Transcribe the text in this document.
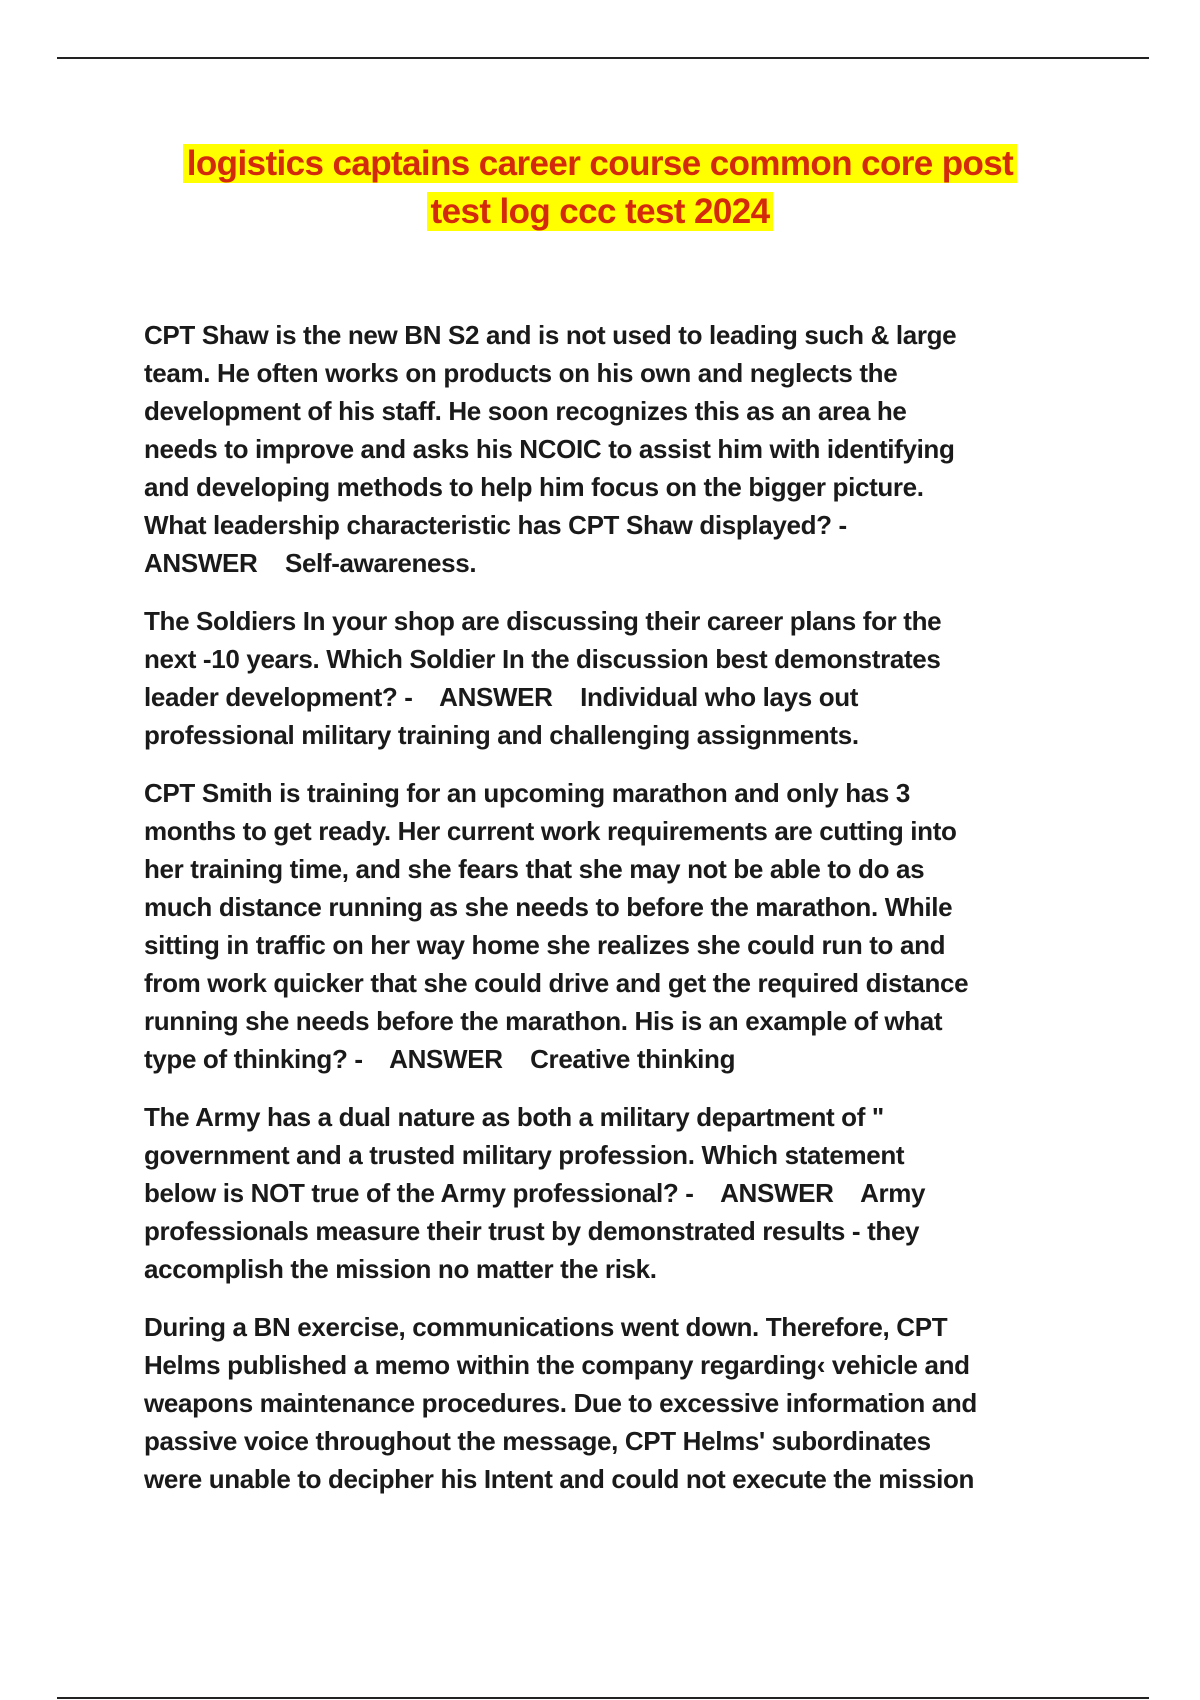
logistics captains career course common core post
test log ccc test 2024
CPT Shaw is the new BN S2 and is not used to leading such & large
team. He often works on products on his own and neglects the
development of his staff. He soon recognizes this as an area he
needs to improve and asks his NCOIC to assist him with identifying
and developing methods to help him focus on the bigger picture.
What leadership characteristic has CPT Shaw displayed? -
ANSWER    Self-awareness.
The Soldiers In your shop are discussing their career plans for the
next -10 years. Which Soldier In the discussion best demonstrates
leader development? -    ANSWER    Individual who lays out
professional military training and challenging assignments.
CPT Smith is training for an upcoming marathon and only has 3
months to get ready. Her current work requirements are cutting into
her training time, and she fears that she may not be able to do as
much distance running as she needs to before the marathon. While
sitting in traffic on her way home she realizes she could run to and
from work quicker that she could drive and get the required distance
running she needs before the marathon. His is an example of what
type of thinking? -    ANSWER    Creative thinking
The Army has a dual nature as both a military department of "
government and a trusted military profession. Which statement
below is NOT true of the Army professional? -    ANSWER    Army
professionals measure their trust by demonstrated results - they
accomplish the mission no matter the risk.
During a BN exercise, communications went down. Therefore, CPT
Helms published a memo within the company regarding‹ vehicle and
weapons maintenance procedures. Due to excessive information and
passive voice throughout the message, CPT Helms' subordinates
were unable to decipher his Intent and could not execute the mission
